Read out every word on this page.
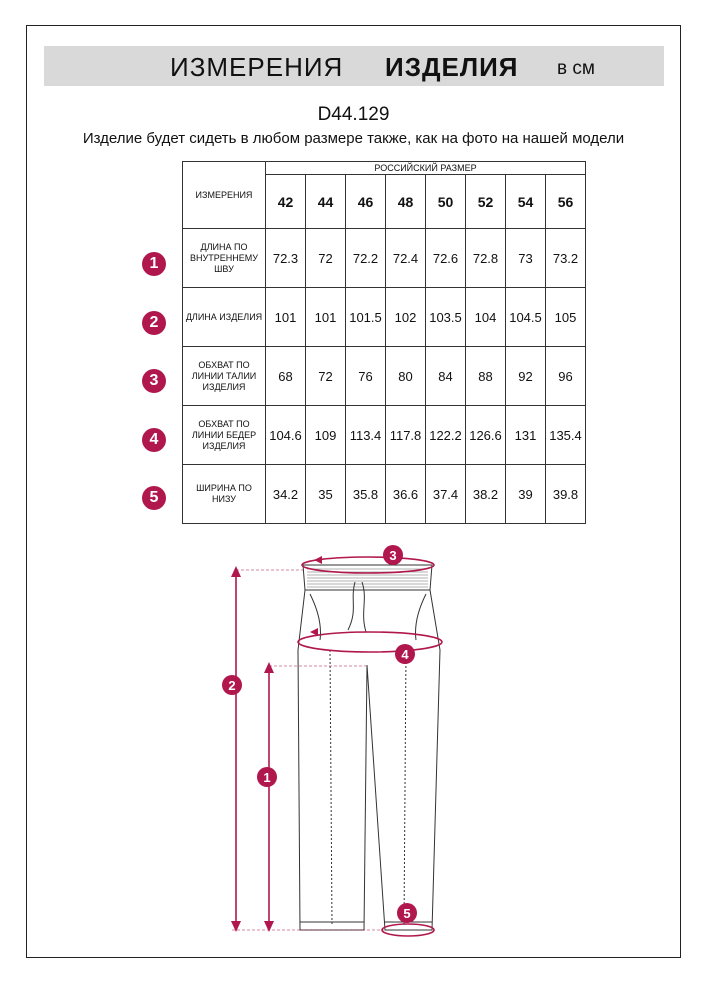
ИЗМЕРЕНИЯ ИЗДЕЛИЯ в см
D44.129
Изделие будет сидеть в любом размере также, как на фото на нашей модели
ИЗМЕРЕНИЯ	РОССИЙСКИЙ РАЗМЕР							
	42	44	46	48	50	52	54	56
ДЛИНА ПО ВНУТРЕННЕМУ ШВУ	72.3	72	72.2	72.4	72.6	72.8	73	73.2
ДЛИНА ИЗДЕЛИЯ	101	101	101.5	102	103.5	104	104.5	105
ОБХВАТ ПО ЛИНИИ ТАЛИИ ИЗДЕЛИЯ	68	72	76	80	84	88	92	96
ОБХВАТ ПО ЛИНИИ БЕДЕР ИЗДЕЛИЯ	104.6	109	113.4	117.8	122.2	126.6	131	135.4
ШИРИНА ПО НИЗУ	34.2	35	35.8	36.6	37.4	38.2	39	39.8
1
2
3
4
5
3
4
2
1
5
